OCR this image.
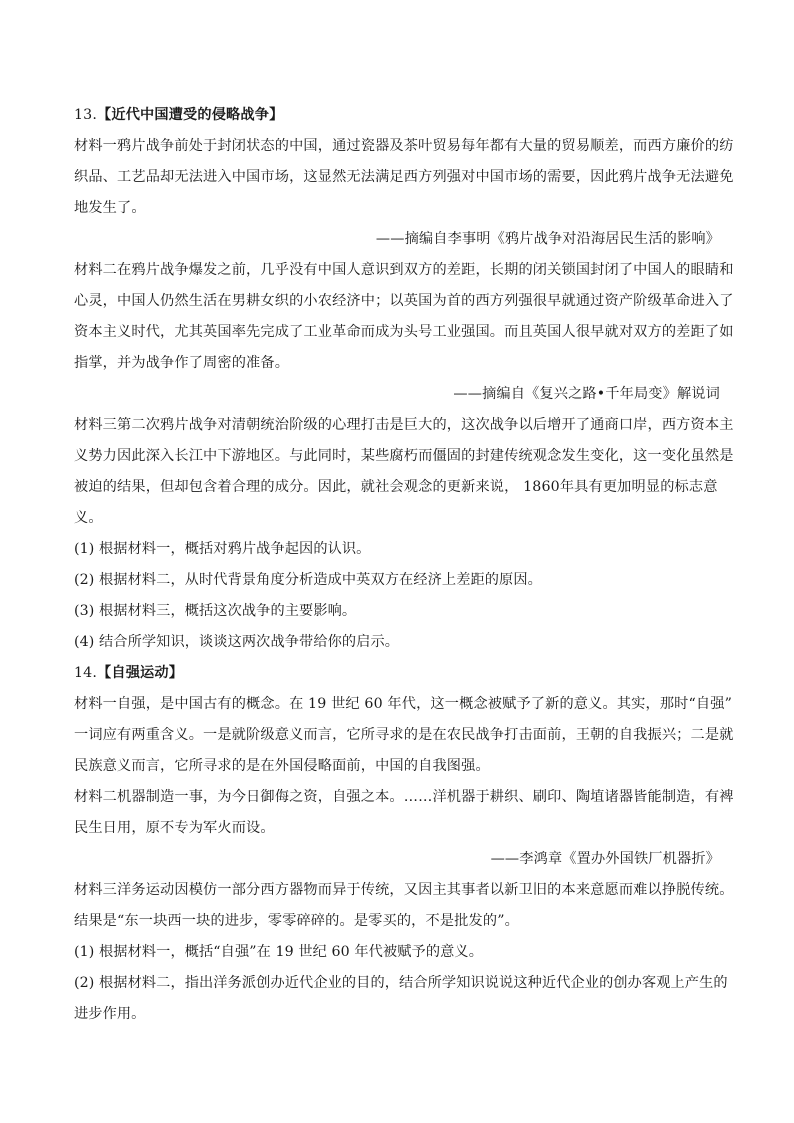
13.【近代中国遭受的侵略战争】
材料一鸦片战争前处于封闭状态的中国，通过瓷器及茶叶贸易每年都有大量的贸易顺差，而西方廉价的纺
织品、工艺品却无法进入中国市场，这显然无法满足西方列强对中国市场的需要，因此鸦片战争无法避免
地发生了。
——摘编自李事明《鸦片战争对沿海居民生活的影响》
材料二在鸦片战争爆发之前，几乎没有中国人意识到双方的差距，长期的闭关锁国封闭了中国人的眼睛和
心灵，中国人仍然生活在男耕女织的小农经济中；以英国为首的西方列强很早就通过资产阶级革命进入了
资本主义时代，尤其英国率先完成了工业革命而成为头号工业强国。而且英国人很早就对双方的差距了如
指掌，并为战争作了周密的准备。
——摘编自《复兴之路•千年局变》解说词
材料三第二次鸦片战争对清朝统治阶级的心理打击是巨大的，这次战争以后增开了通商口岸，西方资本主
义势力因此深入长江中下游地区。与此同时，某些腐朽而僵固的封建传统观念发生变化，这一变化虽然是
被迫的结果，但却包含着合理的成分。因此，就社会观念的更新来说， 1860年具有更加明显的标志意
义。
(1) 根据材料一，概括对鸦片战争起因的认识。
(2) 根据材料二，从时代背景角度分析造成中英双方在经济上差距的原因。
(3) 根据材料三，概括这次战争的主要影响。
(4) 结合所学知识，谈谈这两次战争带给你的启示。
14.【自强运动】
材料一自强，是中国古有的概念。在 19 世纪 60 年代，这一概念被赋予了新的意义。其实，那时“自强”
一词应有两重含义。一是就阶级意义而言，它所寻求的是在农民战争打击面前，王朝的自我振兴；二是就
民族意义而言，它所寻求的是在外国侵略面前，中国的自我图强。
材料二机器制造一事，为今日御侮之资，自强之本。……洋机器于耕织、刷印、陶埴诸器皆能制造，有裨
民生日用，原不专为军火而设。
——李鸿章《置办外国铁厂机器折》
材料三洋务运动因模仿一部分西方器物而异于传统，又因主其事者以新卫旧的本来意愿而难以挣脱传统。
结果是“东一块西一块的进步，零零碎碎的。是零买的，不是批发的”。
(1) 根据材料一，概括“自强”在 19 世纪 60 年代被赋予的意义。
(2) 根据材料二，指出洋务派创办近代企业的目的，结合所学知识说说这种近代企业的创办客观上产生的
进步作用。
